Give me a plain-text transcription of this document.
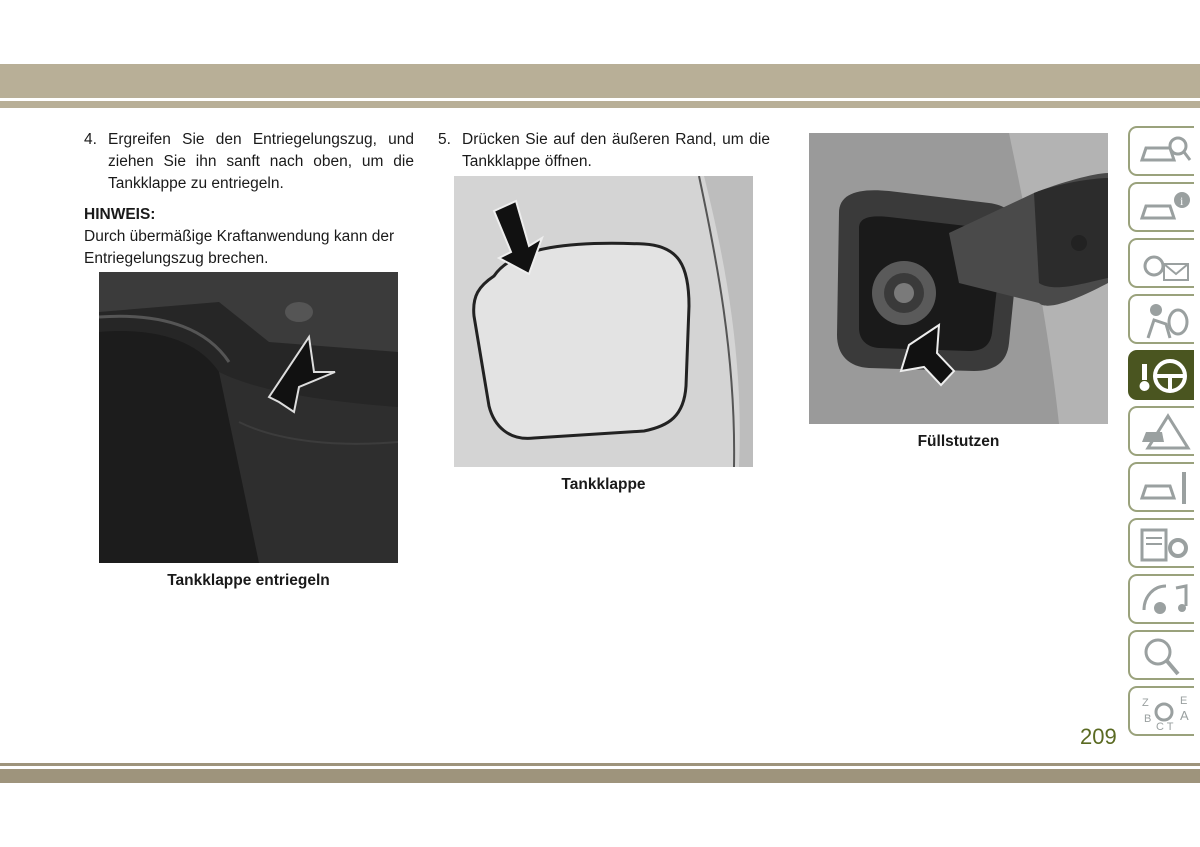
4. Ergreifen Sie den Entriegelungszug, und ziehen Sie ihn sanft nach oben, um die Tankklappe zu entriegeln.
HINWEIS:
Durch übermäßige Kraftanwendung kann der Entriegelungszug brechen.
Tankklappe entriegeln
5. Drücken Sie auf den äußeren Rand, um die Tankklappe öffnen.
Tankklappe
Füllstutzen
i
Z	E
B A
C T
209
